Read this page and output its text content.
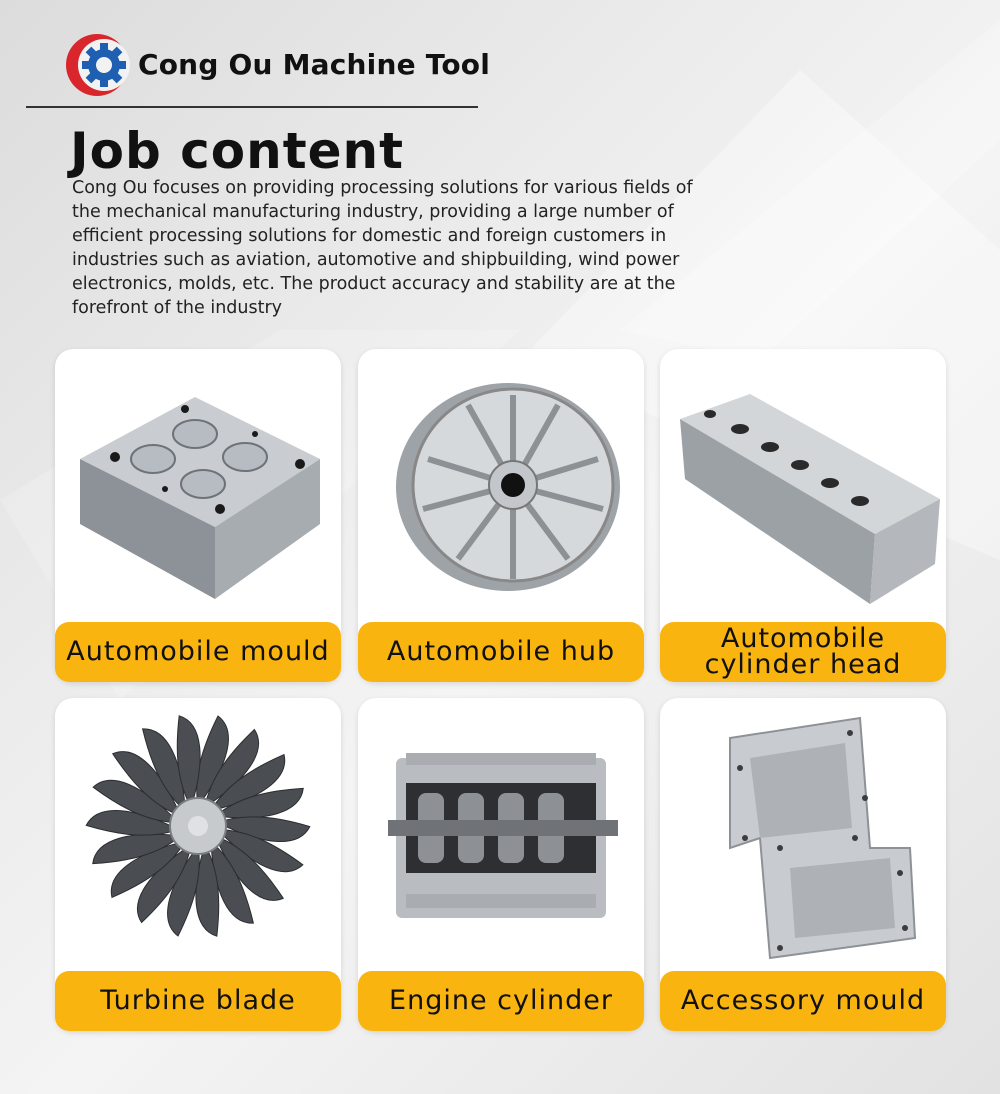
Cong Ou Machine Tool
Job content
Cong Ou focuses on providing processing solutions for various fields of the mechanical manufacturing industry, providing a large number of efficient processing solutions for domestic and foreign customers in industries such as aviation, automotive and shipbuilding, wind power electronics, molds, etc. The product accuracy and stability are at the forefront of the industry
Automobile mould	Automobile hub	Automobile cylinder head
Turbine blade	Engine cylinder	Accessory mould
